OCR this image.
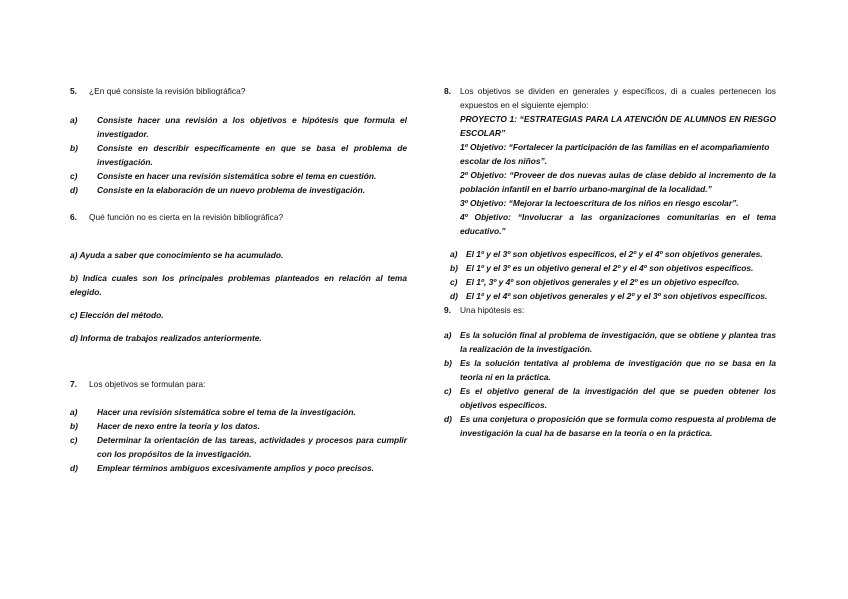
5.	¿En qué consiste la revisión bibliográfica?
a)	Consiste hacer una revisión a los objetivos e hipótesis que formula el investigador.
b)	Consiste en describir específicamente en que se basa el problema de investigación.
c)	Consiste en hacer una revisión sistemática sobre el tema en cuestión.
d)	Consiste en la elaboración de un nuevo problema de investigación.
6.	Qué función no es cierta en la revisión bibliográfica?

a) Ayuda a saber que conocimiento se ha acumulado.

b) Indica cuales son los principales problemas planteados en relación al tema elegido.

c) Elección del método.

d) Informa de trabajos realizados anteriormente.

7.	Los objetivos se formulan para:
a)	Hacer una revisión sistemática sobre el tema de la investigación.
b)	Hacer de nexo entre la teoría y los datos.
c)	Determinar la orientación de las tareas, actividades y procesos para cumplir con los propósitos de la investigación.
d)	Emplear términos ambiguos excesivamente amplios y poco precisos.
8.	Los objetivos se dividen en generales y específicos, di a cuales pertenecen los expuestos en el siguiente ejemplo:

PROYECTO 1: “ESTRATEGIAS PARA LA ATENCIÓN DE ALUMNOS EN RIESGO ESCOLAR”

1º Objetivo: “Fortalecer la participación de las familias en el acompañamiento

escolar de los niños”.

2º Objetivo: “Proveer de dos nuevas aulas de clase debido al incremento de la población infantil en el barrio urbano-marginal de la localidad.”

3º Objetivo: “Mejorar la lectoescritura de los niños en riesgo escolar”.

4º Objetivo: “Involucrar a las organizaciones comunitarias en el tema educativo.”

a)	El 1º y el 3º son objetivos específicos, el 2º y el 4º son objetivos generales.
b) El 1º y el 3º es un objetivo general el 2º y el 4º son objetivos específicos.
c)	El 1º, 3º y 4º son objetivos generales y el 2º es un objetivo específco.
d) El 1º y el 4º son objetivos generales y el 2º y el 3º son objetivos específicos.
9.	Una hipótesis es:
a)	Es la solución final al problema de investigación, que se obtiene y plantea tras la realización de la investigación.
b) Es la solución tentativa al problema de investigación que no se basa en la teoría ni en la práctica.
c)	Es el objetivo general de la investigación del que se pueden obtener los objetivos específicos.
d) Es una conjetura o proposición que se formula como respuesta al problema de investigación la cual ha de basarse en la teoría o en la práctica.
